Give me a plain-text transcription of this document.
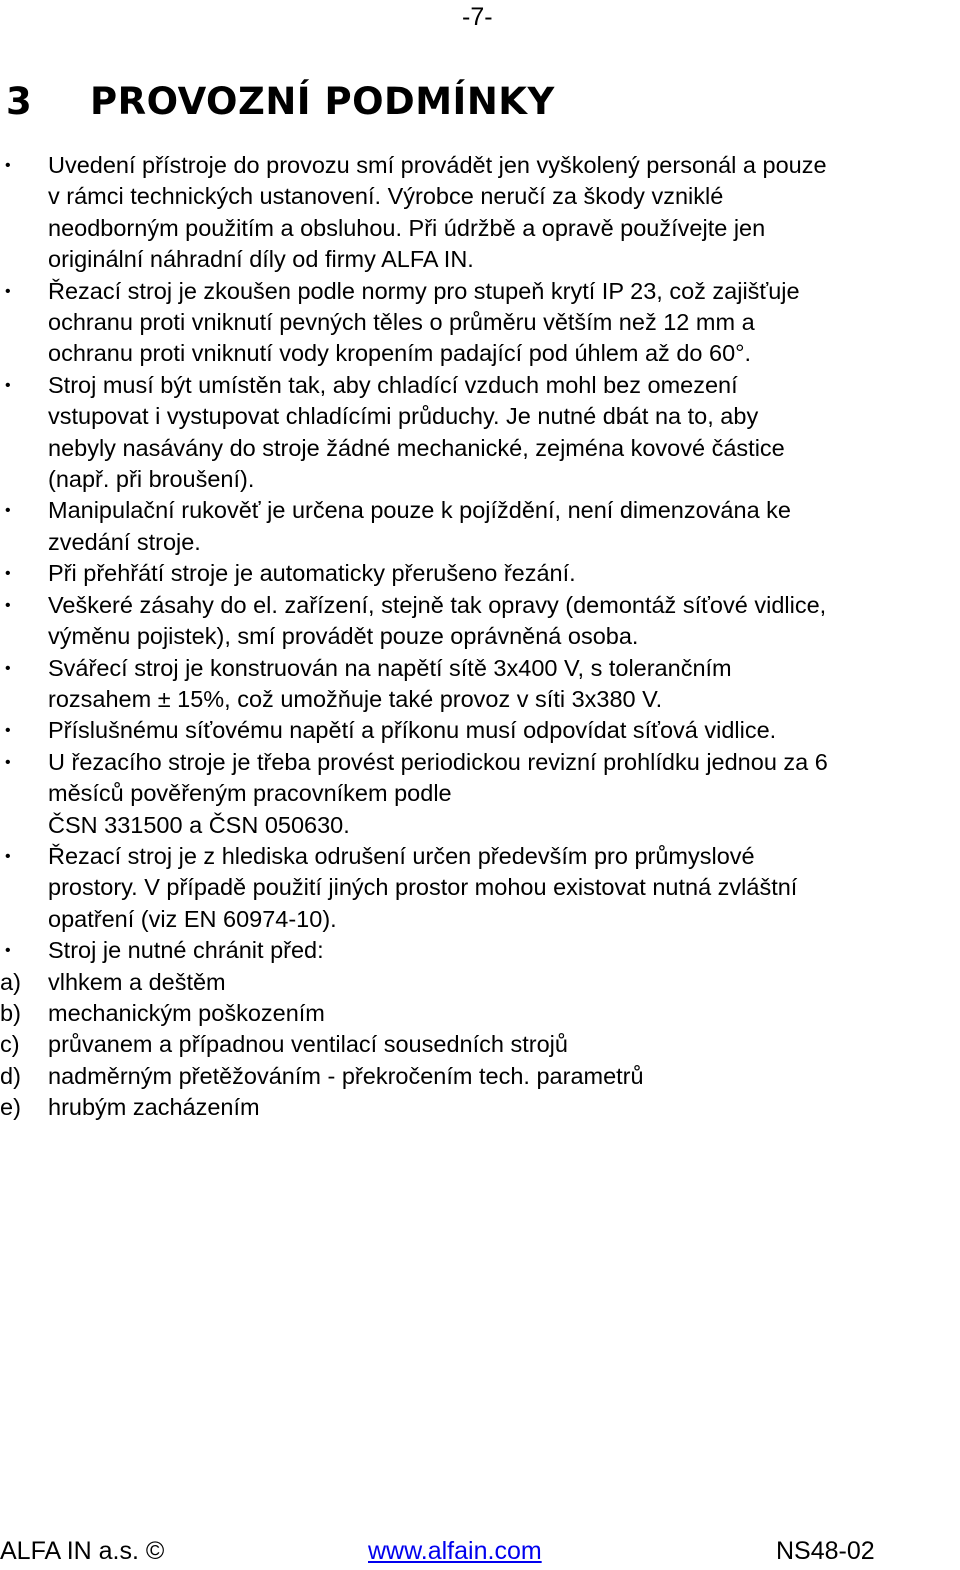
-7-
3 PROVOZNÍ PODMÍNKY
• Uvedení přístroje do provozu smí provádět jen vyškolený personál a pouze
v rámci technických ustanovení. Výrobce neručí za škody vzniklé
neodborným použitím a obsluhou. Při údržbě a opravě používejte jen
originální náhradní díly od firmy ALFA IN.
• Řezací stroj je zkoušen podle normy pro stupeň krytí IP 23, což zajišťuje
ochranu proti vniknutí pevných těles o průměru větším než 12 mm a
ochranu proti vniknutí vody kropením padající pod úhlem až do 60°.
• Stroj musí být umístěn tak, aby chladící vzduch mohl bez omezení
vstupovat i vystupovat chladícími průduchy. Je nutné dbát na to, aby
nebyly nasávány do stroje žádné mechanické, zejména kovové částice
(např. při broušení).
• Manipulační rukověť je určena pouze k pojíždění, není dimenzována ke
zvedání stroje.
• Při přehřátí stroje je automaticky přerušeno řezání.
• Veškeré zásahy do el. zařízení, stejně tak opravy (demontáž síťové vidlice,
výměnu pojistek), smí provádět pouze oprávněná osoba.
• Svářecí stroj je konstruován na napětí sítě 3x400 V, s tolerančním
rozsahem ± 15%, což umožňuje také provoz v síti 3x380 V.
• Příslušnému síťovému napětí a příkonu musí odpovídat síťová vidlice.
• U řezacího stroje je třeba provést periodickou revizní prohlídku jednou za 6
měsíců pověřeným pracovníkem podle
ČSN 331500 a ČSN 050630.
• Řezací stroj je z hlediska odrušení určen především pro průmyslové
prostory. V případě použití jiných prostor mohou existovat nutná zvláštní
opatření (viz EN 60974-10).
• Stroj je nutné chránit před:
a) vlhkem a deštěm
b) mechanickým poškozením
c) průvanem a případnou ventilací sousedních strojů
d) nadměrným přetěžováním - překročením tech. parametrů
e) hrubým zacházením
ALFA IN a.s. ©	www.alfain.com	NS48-02
